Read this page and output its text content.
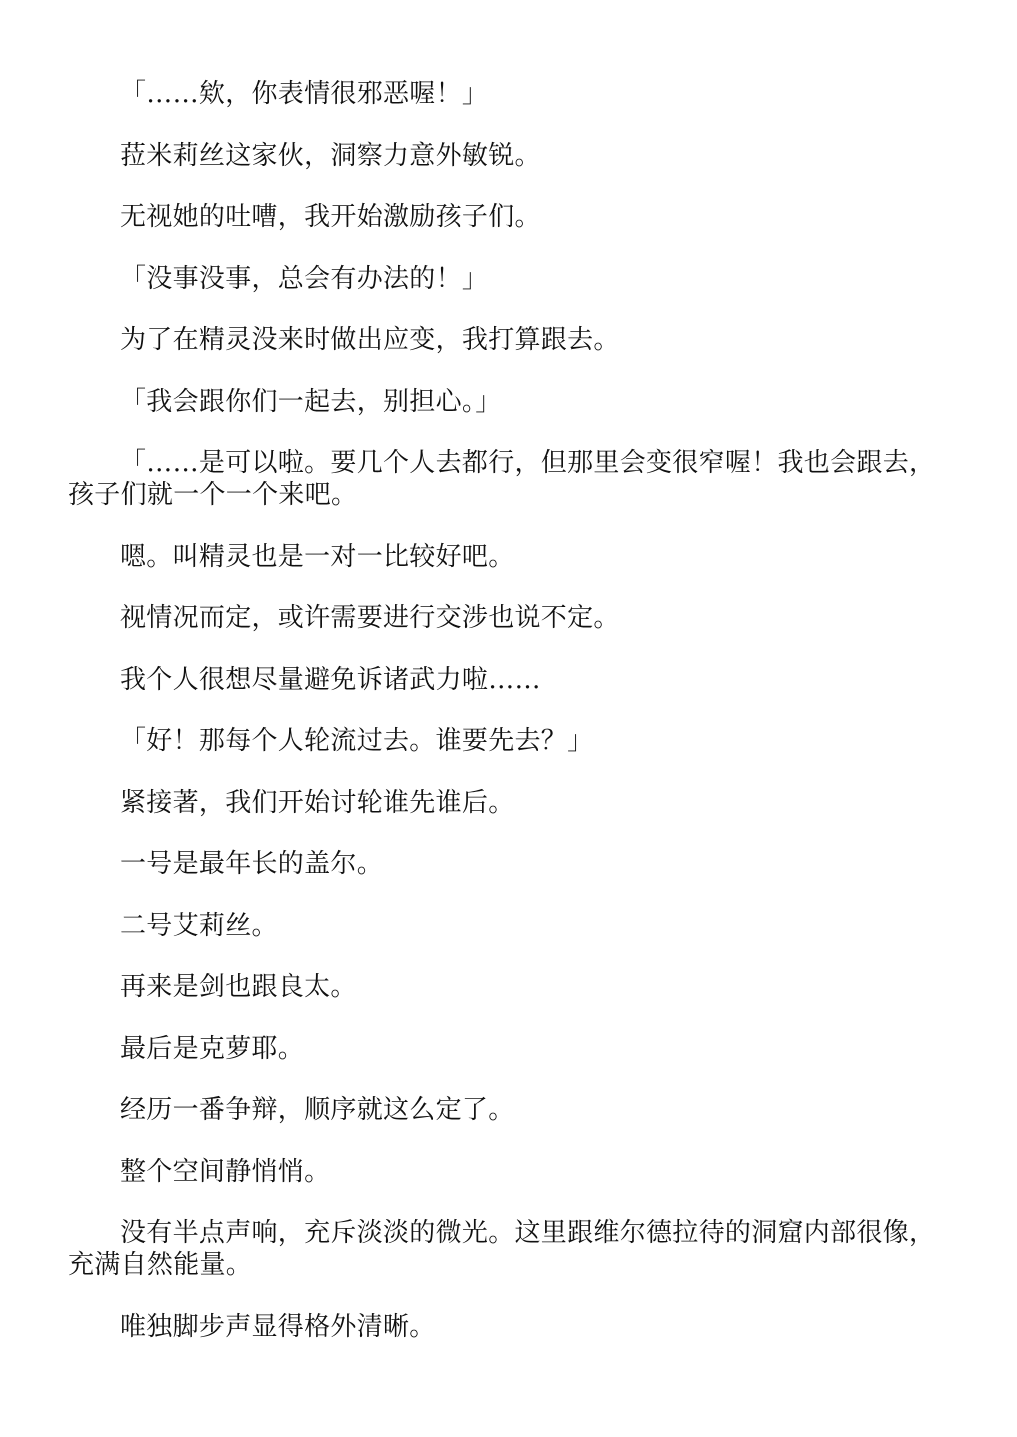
「……欸，你表情很邪恶喔！」

菈米莉丝这家伙，洞察力意外敏锐。

无视她的吐嘈，我开始激励孩子们。

「没事没事，总会有办法的！」

为了在精灵没来时做出应变，我打算跟去。

「我会跟你们一起去，别担心。」

「……是可以啦。要几个人去都行，但那里会变很窄喔！我也会跟去，孩子们就一个一个来吧。

嗯。叫精灵也是一对一比较好吧。

视情况而定，或许需要进行交涉也说不定。

我个人很想尽量避免诉诸武力啦……

「好！那每个人轮流过去。谁要先去？」

紧接著，我们开始讨轮谁先谁后。

一号是最年长的盖尔。

二号艾莉丝。

再来是剑也跟良太。

最后是克萝耶。

经历一番争辩，顺序就这么定了。

整个空间静悄悄。

没有半点声响，充斥淡淡的微光。这里跟维尔德拉待的洞窟内部很像，充满自然能量。

唯独脚步声显得格外清晰。
